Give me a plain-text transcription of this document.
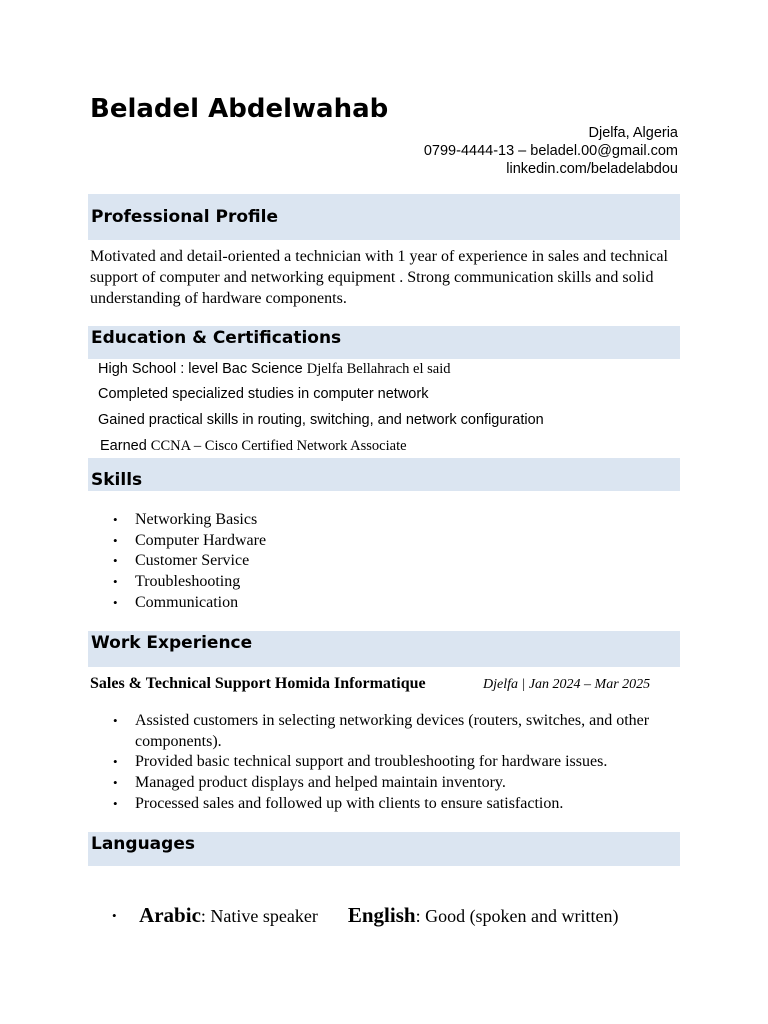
Beladel Abdelwahab
Djelfa, Algeria
0799-4444-13 – beladel.00@gmail.com
linkedin.com/beladelabdou
Professional Profile
Motivated and detail-oriented a technician with 1 year of experience in sales and technical support of computer and networking equipment . Strong communication skills and solid understanding of hardware components.
Education & Certifications
High School : level Bac Science Djelfa Bellahrach el said
Completed specialized studies in computer network
Gained practical skills in routing, switching, and network configuration
Earned CCNA – Cisco Certified Network Associate
Skills
• Networking Basics
• Computer Hardware
• Customer Service
• Troubleshooting
• Communication
Work Experience
Sales & Technical Support Homida Informatique	Djelfa | Jan 2024 – Mar 2025
• Assisted customers in selecting networking devices (routers, switches, and other components).
• Provided basic technical support and troubleshooting for hardware issues.
• Managed product displays and helped maintain inventory.
• Processed sales and followed up with clients to ensure satisfaction.
Languages
• Arabic: Native speaker English: Good (spoken and written)
